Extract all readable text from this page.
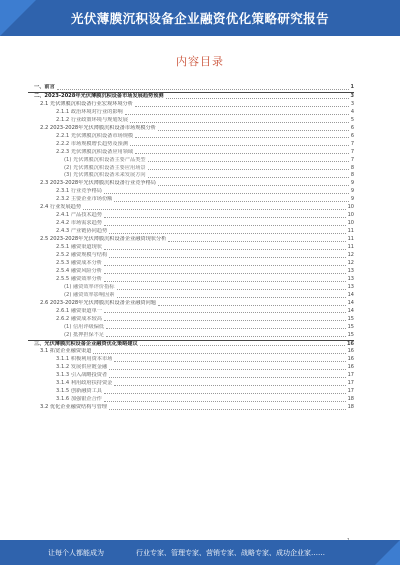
光伏薄膜沉积设备企业融资优化策略研究报告
内容目录
一、前言	1
二、2023-2028年光伏薄膜沉积设备市场发展趋势预测	3
2.1 光伏薄膜沉积设备行业宏观环境分析	3
2.1.1 政治环境对行业的影响	4
2.1.2 行业政策环境与规划发展	5
2.2 2023-2028年光伏薄膜沉积设备市场规模分析	6
2.2.1 光伏薄膜沉积设备市场规模	6
2.2.2 市场规模增长趋势及预测	7
2.2.3 光伏薄膜沉积设备应用领域	7
(1) 光伏薄膜沉积设备主要产品类型	7
(2) 光伏薄膜沉积设备主要应用场景	8
(3) 光伏薄膜沉积设备未来发展方向	8
2.3 2023-2028年光伏薄膜沉积设备行业竞争格局	9
2.3.1 行业竞争格局	9
2.3.2 主要企业市场份额	9
2.4 行业发展趋势	10
2.4.1 产品技术趋势	10
2.4.2 市场需求趋势	10
2.4.3 产业链协同趋势	11
2.5 2023-2028年光伏薄膜沉积设备企业融资现状分析	11
2.5.1 融资渠道现状	11
2.5.2 融资规模与结构	12
2.5.3 融资成本分析	12
2.5.4 融资风险分析	13
2.5.5 融资效率分析	13
(1) 融资效率评价指标	13
(2) 融资效率影响因素	14
2.6 2023-2028年光伏薄膜沉积设备企业融资问题	14
2.6.1 融资渠道单一	14
2.6.2 融资成本较高	15
(1) 信用评级偏低	15
(2) 抵押担保不足	15
三、光伏薄膜沉积设备企业融资优化策略建议	16
3.1 拓宽企业融资渠道	16
3.1.1 积极利用资本市场	16
3.1.2 发展供应链金融	16
3.1.3 引入战略投资者	17
3.1.4 利用政府扶持资金	17
3.1.5 创新融资工具	17
3.1.6 加强银企合作	18
3.2 优化企业融资结构与管理	18
让每个人都能成为	行业专家、管理专家、营销专家、战略专家、成功企业家……
